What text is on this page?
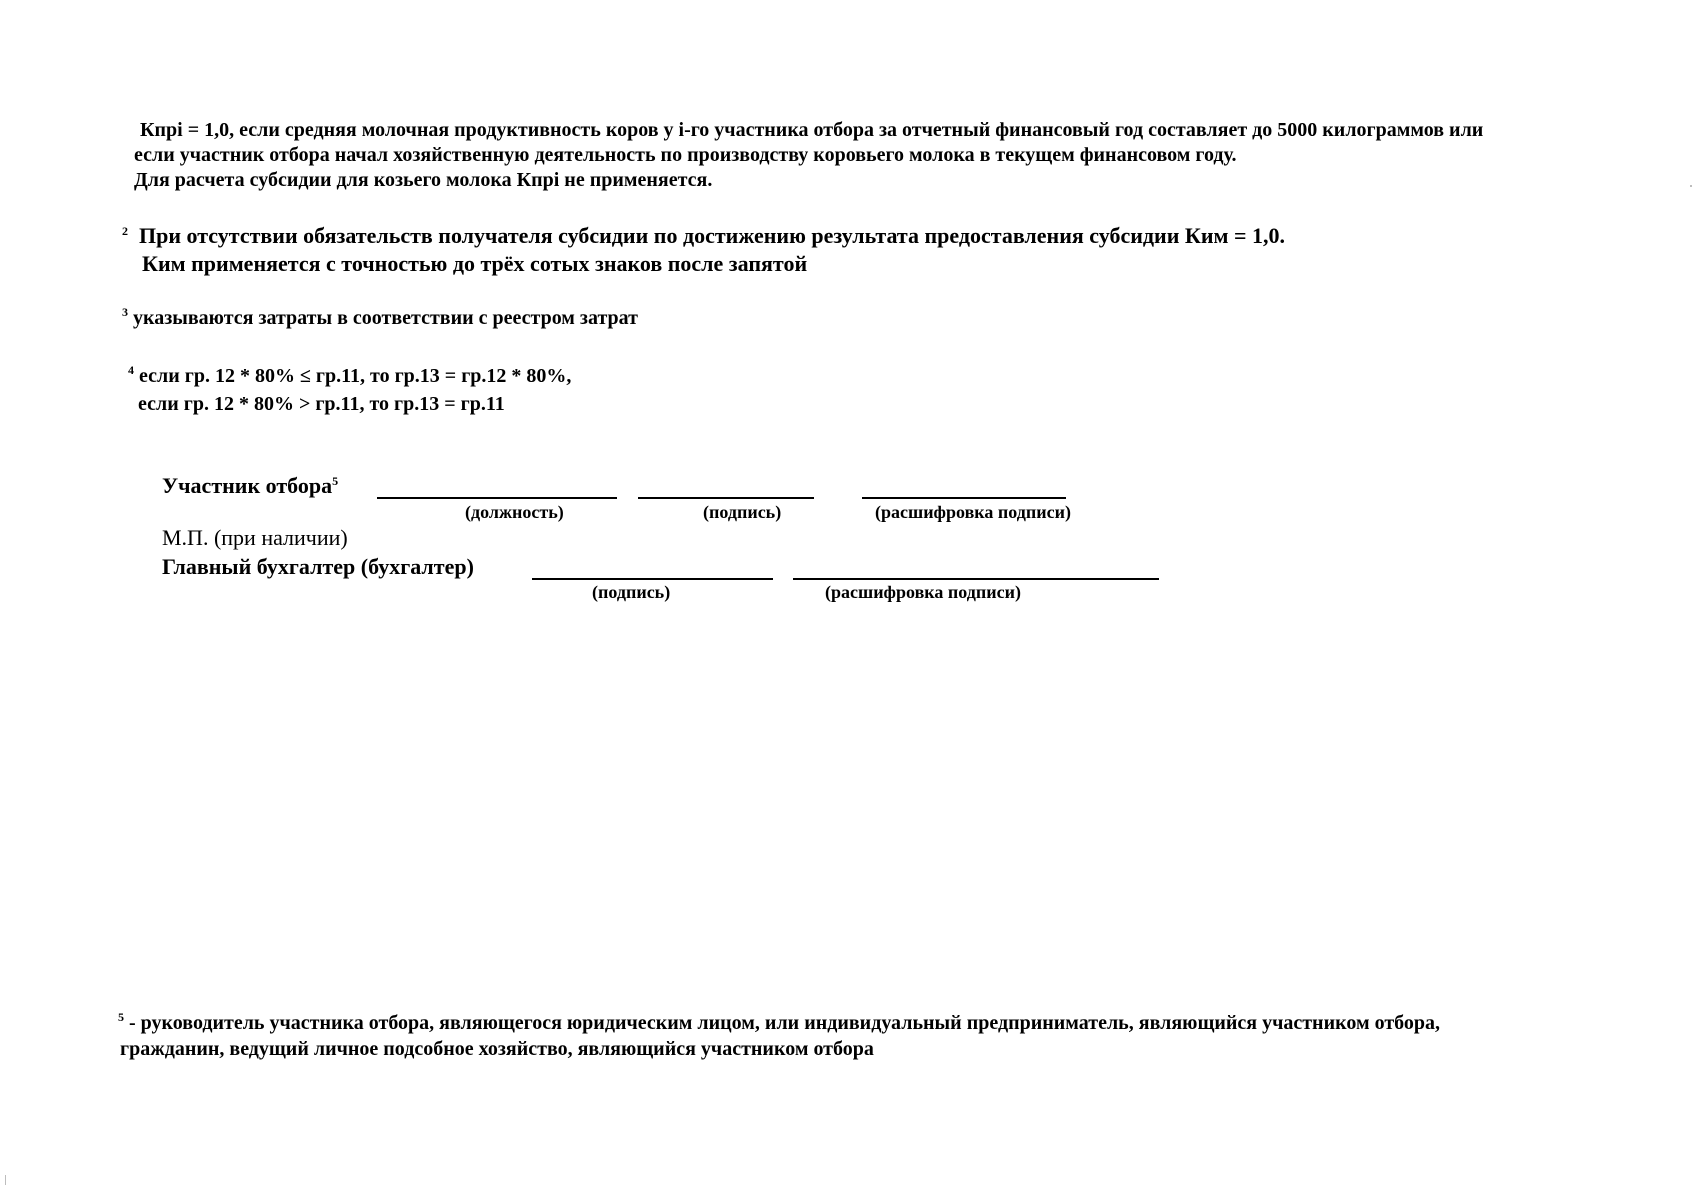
Кпрi = 1,0, если средняя молочная продуктивность коров у i-го участника отбора за отчетный финансовый год составляет до 5000 килограммов или
если участник отбора начал хозяйственную деятельность по производству коровьего молока в текущем финансовом году.
Для расчета субсидии для козьего молока Кпрi не применяется.
$^2$ При отсутствии обязательств получателя субсидии по достижению результата предоставления субсидии Ким = 1,0.
Ким применяется с точностью до трёх сотых знаков после запятой
$^3$ указываются затраты в соответствии с реестром затрат
$^4$ если гр. 12 * 80% ≤ гр.11, то гр.13 = гр.12 * 80%,
если гр. 12 * 80% > гр.11, то гр.13 = гр.11
Участник отбора$^5$
(должность)	(подпись)	(расшифровка подписи)
М.П. (при наличии)
Главный бухгалтер (бухгалтер)
(подпись)	(расшифровка подписи)
$^5$ - руководитель участника отбора, являющегося юридическим лицом, или индивидуальный предприниматель, являющийся участником отбора,
гражданин, ведущий личное подсобное хозяйство, являющийся участником отбора
